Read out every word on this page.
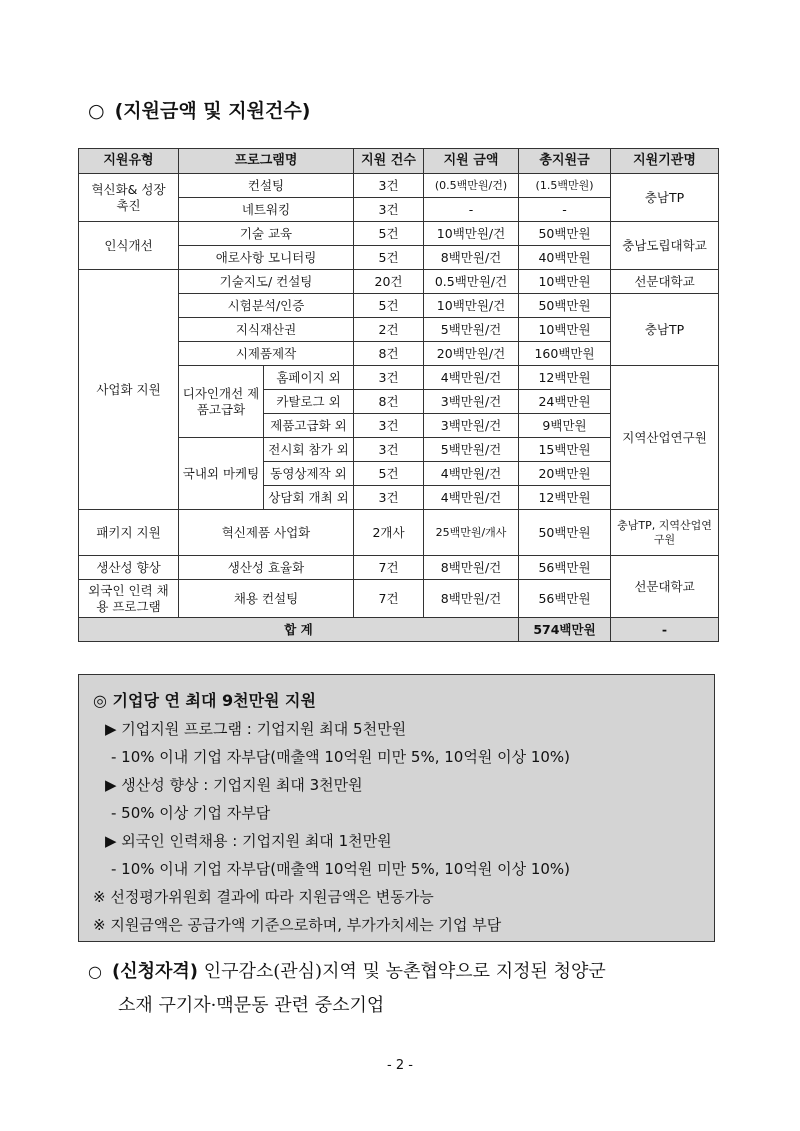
○ (지원금액 및 지원건수)
지원유형	프로그램명		지원 건수	지원 금액	총지원금	지원기관명
혁신화& 성장촉진	컨설팅		3건	(0.5백만원/건)	(1.5백만원)	충남TP
	네트워킹		3건	-	-	
인식개선	기술 교육		5건	10백만원/건	50백만원	충남도립대학교
	애로사항 모니터링		5건	8백만원/건	40백만원	
사업화 지원	기술지도/ 컨설팅		20건	0.5백만원/건	10백만원	선문대학교
	시험분석/인증		5건	10백만원/건	50백만원	충남TP
	지식재산권		2건	5백만원/건	10백만원	
	시제품제작		8건	20백만원/건	160백만원	
	디자인개선 제품고급화	홈페이지 외	3건	4백만원/건	12백만원	지역산업연구원
		카탈로그 외	8건	3백만원/건	24백만원	
		제품고급화 외	3건	3백만원/건	9백만원	
	국내외 마케팅	전시회 참가 외	3건	5백만원/건	15백만원	
		동영상제작 외	5건	4백만원/건	20백만원	
		상담회 개최 외	3건	4백만원/건	12백만원	
패키지 지원	혁신제품 사업화		2개사	25백만원/개사	50백만원	충남TP, 지역산업연구원
생산성 향상	생산성 효율화		7건	8백만원/건	56백만원	선문대학교
외국인 인력 채용 프로그램	채용 컨설팅		7건	8백만원/건	56백만원	
합 계					574백만원	-
◎ 기업당 연 최대 9천만원 지원
▶ 기업지원 프로그램 : 기업지원 최대 5천만원
- 10% 이내 기업 자부담(매출액 10억원 미만 5%, 10억원 이상 10%)
▶ 생산성 향상 : 기업지원 최대 3천만원
- 50% 이상 기업 자부담
▶ 외국인 인력채용 : 기업지원 최대 1천만원
- 10% 이내 기업 자부담(매출액 10억원 미만 5%, 10억원 이상 10%)
※ 선정평가위원회 결과에 따라 지원금액은 변동가능
※ 지원금액은 공급가액 기준으로하며, 부가가치세는 기업 부담
○ (신청자격) 인구감소(관심)지역 및 농촌협약으로 지정된 청양군
소재 구기자·맥문동 관련 중소기업
- 2 -
